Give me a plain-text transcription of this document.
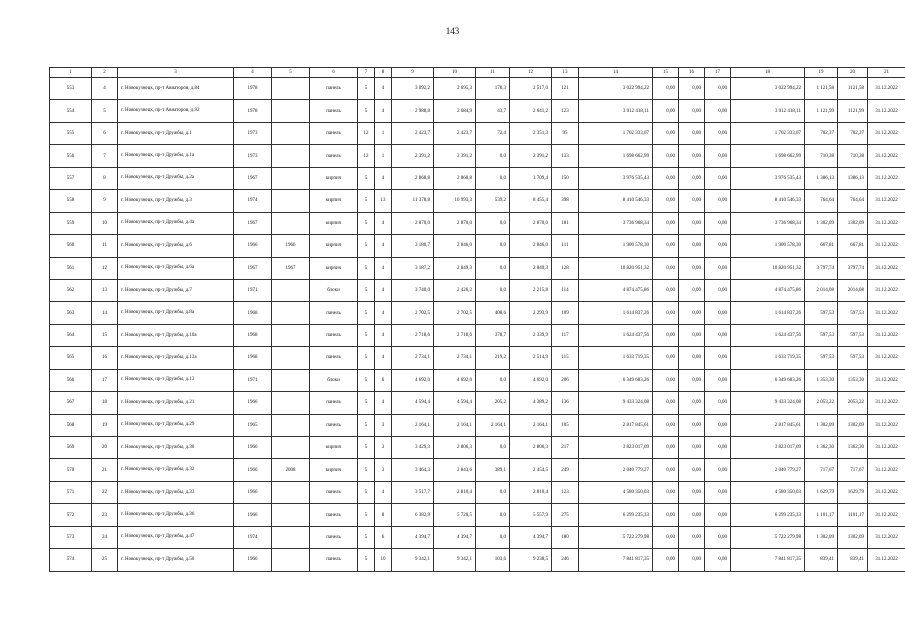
143
1	2	3	4	5	6	7	8	9	10	11	12	13	14	15	16	17	18	19	20	21
553	4	г. Новокузнецк, пр-т Авиаторов, д.84	1978		панель	5	4	3 092,2	2 695,3	178,3	2 517,0	121	3 022 994,22	0,00	0,00	0,00	3 022 994,22	1 121,58	1121,58	31.12.2022
554	5	г. Новокузнецк, пр-т Авиаторов, д.92	1978		панель	5	4	2 988,8	2 684,9	43,7	2 641,2	123	3 012 418,11	0,00	0,00	0,00	3 012 418,11	1 121,99	1121,99	31.12.2022
555	6	г. Новокузнецк, пр-т Дружбы, д.1	1973		панель	12	1	2 423,7	2 423,7	72,4	2 351,3	95	1 702 333,67	0,00	0,00	0,00	1 702 333,67	702,37	702,37	31.12.2022
556	7	г. Новокузнецк, пр-т Дружбы, д.1а	1973		панель	12	1	2 391,2	2 391,2	0,0	2 391,2	133	1 698 662,99	0,00	0,00	0,00	1 698 662,99	710,38	710,38	31.12.2022
557	8	г. Новокузнецк, пр-т Дружбы, д.2а	1967		кирпич	5	4	2 868,8	2 868,8	0,0	1 709,4	150	3 976 535,43	0,00	0,00	0,00	3 976 535,43	1 386,13	1386,13	31.12.2022
558	9	г. Новокузнецк, пр-т Дружбы, д.3	1974		кирпич	5	13	11 378,8	10 993,3	539,2	8 455,4	398	8 410 546,33	0,00	0,00	0,00	8 410 546,33	764,64	764,64	31.12.2022
559	10	г. Новокузнецк, пр-т Дружбы, д.4а	1967		кирпич	5	4	2 870,0	2 870,0	0,0	2 870,0	181	3 736 968,34	0,00	0,00	0,00	3 736 968,34	1 302,09	1302,09	31.12.2022
560	11	г. Новокузнецк, пр-т Дружбы, д.6	1966	1966	кирпич	5	4	3 180,7	2 846,0	0,0	2 846,0	111	1 900 578,30	0,00	0,00	0,00	1 900 578,30	667,81	667,81	31.12.2022
561	12	г. Новокузнецк, пр-т Дружбы, д.6а	1967	1967	кирпич	5	4	3 187,2	2 849,3	0,0	2 849,3	128	10 820 951,32	0,00	0,00	0,00	10 820 951,32	3 797,74	3797,74	31.12.2022
562	13	г. Новокузнецк, пр-т Дружбы, д.7	1971		блоки	5	4	3 740,0	2 426,2	0,0	2 215,8	114	4 874 475,86	0,00	0,00	0,00	4 874 475,86	2 014,08	2014,08	31.12.2022
563	14	г. Новокузнецк, пр-т Дружбы, д.8а	1968		панель	5	4	2 702,5	2 702,5	408,6	2 293,9	109	1 614 837,26	0,00	0,00	0,00	1 614 837,26	597,53	597,53	31.12.2022
564	15	г. Новокузнецк, пр-т Дружбы, д.10а	1968		панель	5	4	2 718,6	2 718,6	378,7	2 339,9	117	1 624 437,56	0,00	0,00	0,00	1 624 437,56	597,53	597,53	31.12.2022
565	16	г. Новокузнецк, пр-т Дружбы, д.12а	1968		панель	5	4	2 734,1	2 734,1	219,2	2 514,9	115	1 633 719,35	0,00	0,00	0,00	1 633 719,35	597,53	597,53	31.12.2022
566	17	г. Новокузнецк, пр-т Дружбы, д.13	1971		блоки	5	6	4 692,0	4 692,0	0,0	4 692,0	206	6 349 683,26	0,00	0,00	0,00	6 349 683,26	1 353,30	1353,30	31.12.2022
567	18	г. Новокузнецк, пр-т Дружбы, д.21	1966		панель	5	4	4 594,4	4 594,4	205,2	4 389,2	136	9 433 324,08	0,00	0,00	0,00	9 433 324,08	2 053,22	2053,22	31.12.2022
568	19	г. Новокузнецк, пр-т Дружбы, д.29	1965		панель	5	3	2 164,1	2 164,1	2 164,1	2 164,1	105	2 817 845,61	0,00	0,00	0,00	2 817 845,61	1 302,09	1302,09	31.12.2022
569	20	г. Новокузнецк, пр-т Дружбы, д.30	1966		кирпич	5	3	3 429,3	2 806,3	0,0	2 806,3	217	3 823 017,09	0,00	0,00	0,00	3 823 017,09	1 362,30	1362,30	31.12.2022
570	21	г. Новокузнецк, пр-т Дружбы, д.32	1966	2008	кирпич	5	3	3 464,3	2 843,6	389,1	2 454,5	249	2 040 779,27	0,00	0,00	0,00	2 040 779,27	717,67	717,67	31.12.2022
571	22	г. Новокузнецк, пр-т Дружбы, д.33	1966		панель	5	4	3 517,7	2 810,4	0,0	2 810,4	123	4 580 350,03	0,00	0,00	0,00	4 580 350,03	1 629,79	1629,79	31.12.2022
572	23	г. Новокузнецк, пр-т Дружбы, д.36	1966		панель	5	8	6 382,9	5 720,5	0,0	5 557,9	275	6 299 235,33	0,00	0,00	0,00	6 299 235,33	1 101,17	1101,17	31.12.2022
573	24	г. Новокузнецк, пр-т Дружбы, д.47	1974		панель	5	6	4 394,7	4 394,7	0,0	4 394,7	180	5 722 279,98	0,00	0,00	0,00	5 722 279,98	1 302,09	1302,09	31.12.2022
574	25	г. Новокузнецк, пр-т Дружбы, д.50	1966		панель	5	10	9 342,1	9 342,1	103,6	9 238,5	246	7 841 817,35	0,00	0,00	0,00	7 841 817,35	839,41	839,41	31.12.2022
